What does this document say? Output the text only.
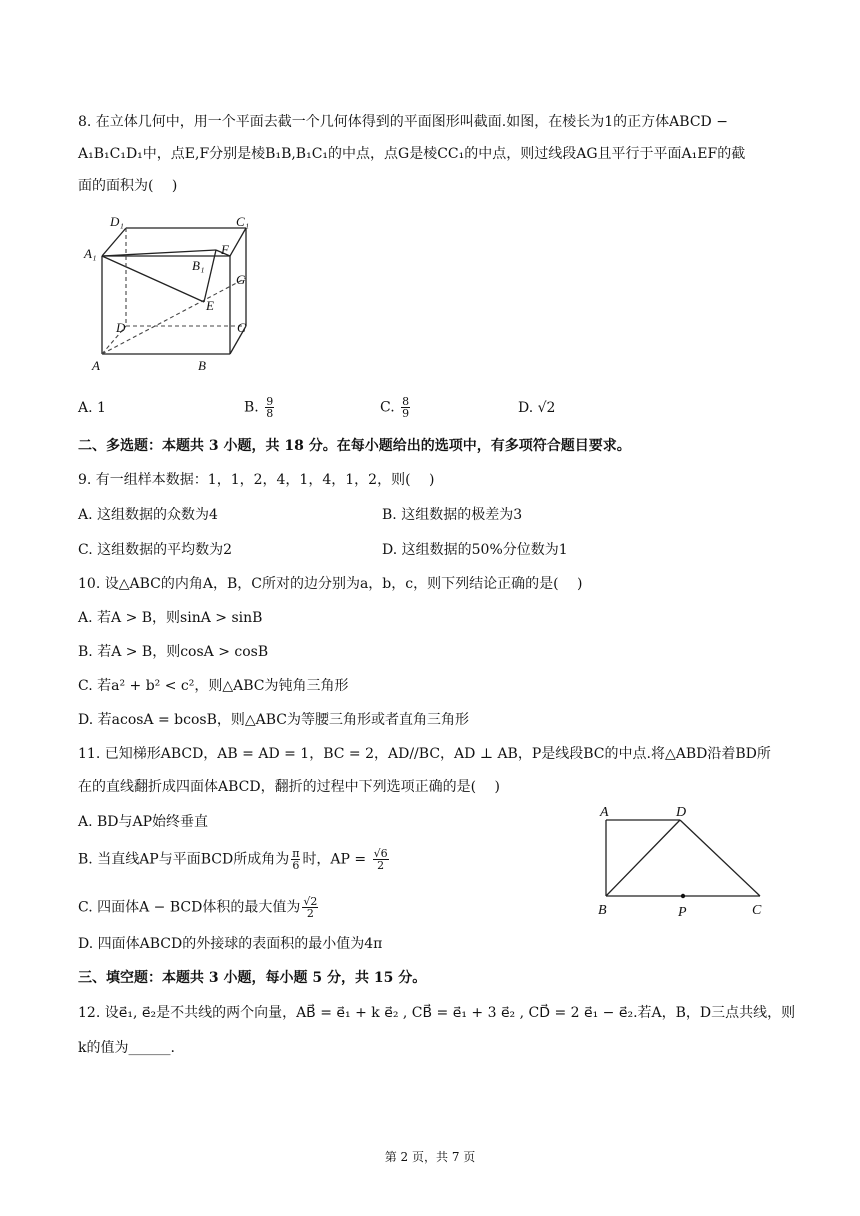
8. 在立体几何中，用一个平面去截一个几何体得到的平面图形叫截面.如图，在棱长为1的正方体ABCD −
A₁B₁C₁D₁中，点E,F分别是棱B₁B,B₁C₁的中点，点G是棱CC₁的中点，则过线段AG且平行于平面A₁EF的截
面的面积为(　 )
D₁	C₁
A₁
B₁
F
G
E
D	C
A	B
A. 1	B. $\frac{9}{8}$	C. $\frac{8}{9}$	D. √2
二、多选题：本题共 3 小题，共 18 分。在每小题给出的选项中，有多项符合题目要求。
9. 有一组样本数据：1，1，2，4，1，4，1，2，则(　 )
A. 这组数据的众数为4	B. 这组数据的极差为3
C. 这组数据的平均数为2	D. 这组数据的50%分位数为1
10. 设△ABC的内角A，B，C所对的边分别为a，b，c，则下列结论正确的是(　 )
A. 若A > B，则sinA > sinB
B. 若A > B，则cosA > cosB
C. 若a² + b² < c²，则△ABC为钝角三角形
D. 若acosA = bcosB，则△ABC为等腰三角形或者直角三角形
11. 已知梯形ABCD，AB = AD = 1，BC = 2，AD//BC，AD ⊥ AB，P是线段BC的中点.将△ABD沿着BD所
在的直线翻折成四面体ABCD，翻折的过程中下列选项正确的是(　 )
A. BD与AP始终垂直
B. 当直线AP与平面BCD所成角为 $\frac{\pi}{6}$ 时，AP = $\frac{√6}{2}$
C. 四面体A − BCD体积的最大值为 $\frac{√2}{2}$
D. 四面体ABCD的外接球的表面积的最小值为4π
A	D
B	P	C
三、填空题：本题共 3 小题，每小题 5 分，共 15 分。
12. 设e⃗₁, e⃗₂是不共线的两个向量，AB⃗ = e⃗₁ + k e⃗₂ , CB⃗ = e⃗₁ + 3 e⃗₂ , CD⃗ = 2 e⃗₁ − e⃗₂.若A，B，D三点共线，则
k的值为______.
第 2 页，共 7 页
